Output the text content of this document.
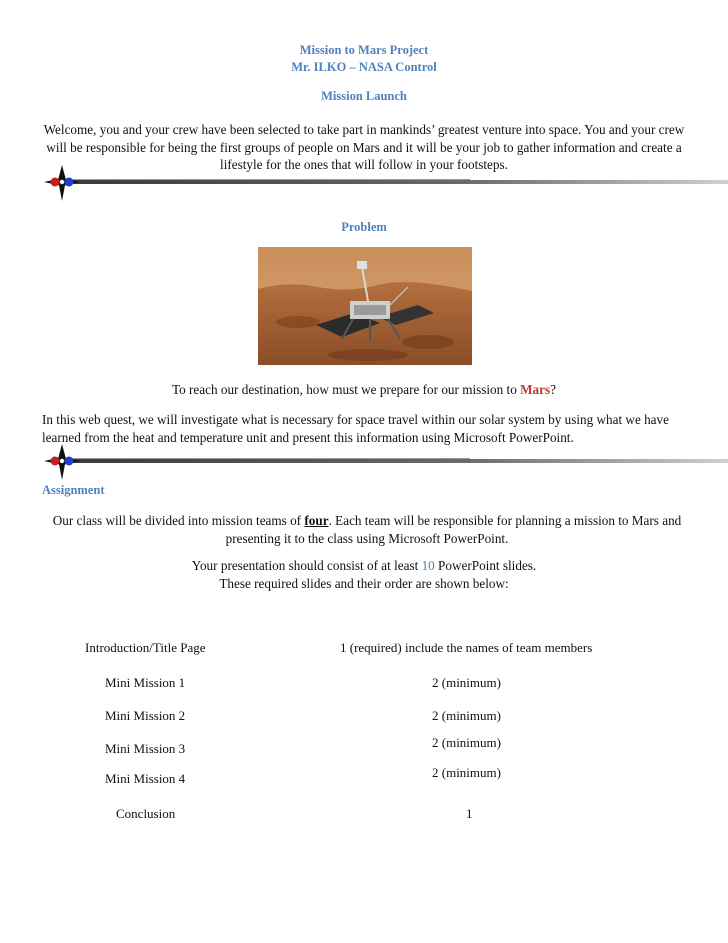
Mission to Mars Project
Mr. ILKO – NASA Control
Mission Launch
Welcome, you and your crew have been selected to take part in mankinds’ greatest venture into space. You and your crew
will be responsible for being the first groups of people on Mars and it will be your job to gather information and create a
lifestyle for the ones that will follow in your footsteps.
Problem
To reach our destination, how must we prepare for our mission to Mars?
In this web quest, we will investigate what is necessary for space travel within our solar system by using what we have
learned from the heat and temperature unit and present this information using Microsoft PowerPoint.
Assignment
Our class will be divided into mission teams of four. Each team will be responsible for planning a mission to Mars and
presenting it to the class using Microsoft PowerPoint.
Your presentation should consist of at least 10 PowerPoint slides.
These required slides and their order are shown below:
Introduction/Title Page	1 (required) include the names of team members
Mini Mission 1	2 (minimum)
Mini Mission 2	2 (minimum)
Mini Mission 3	2 (minimum)
Mini Mission 4	2 (minimum)
Conclusion	1
